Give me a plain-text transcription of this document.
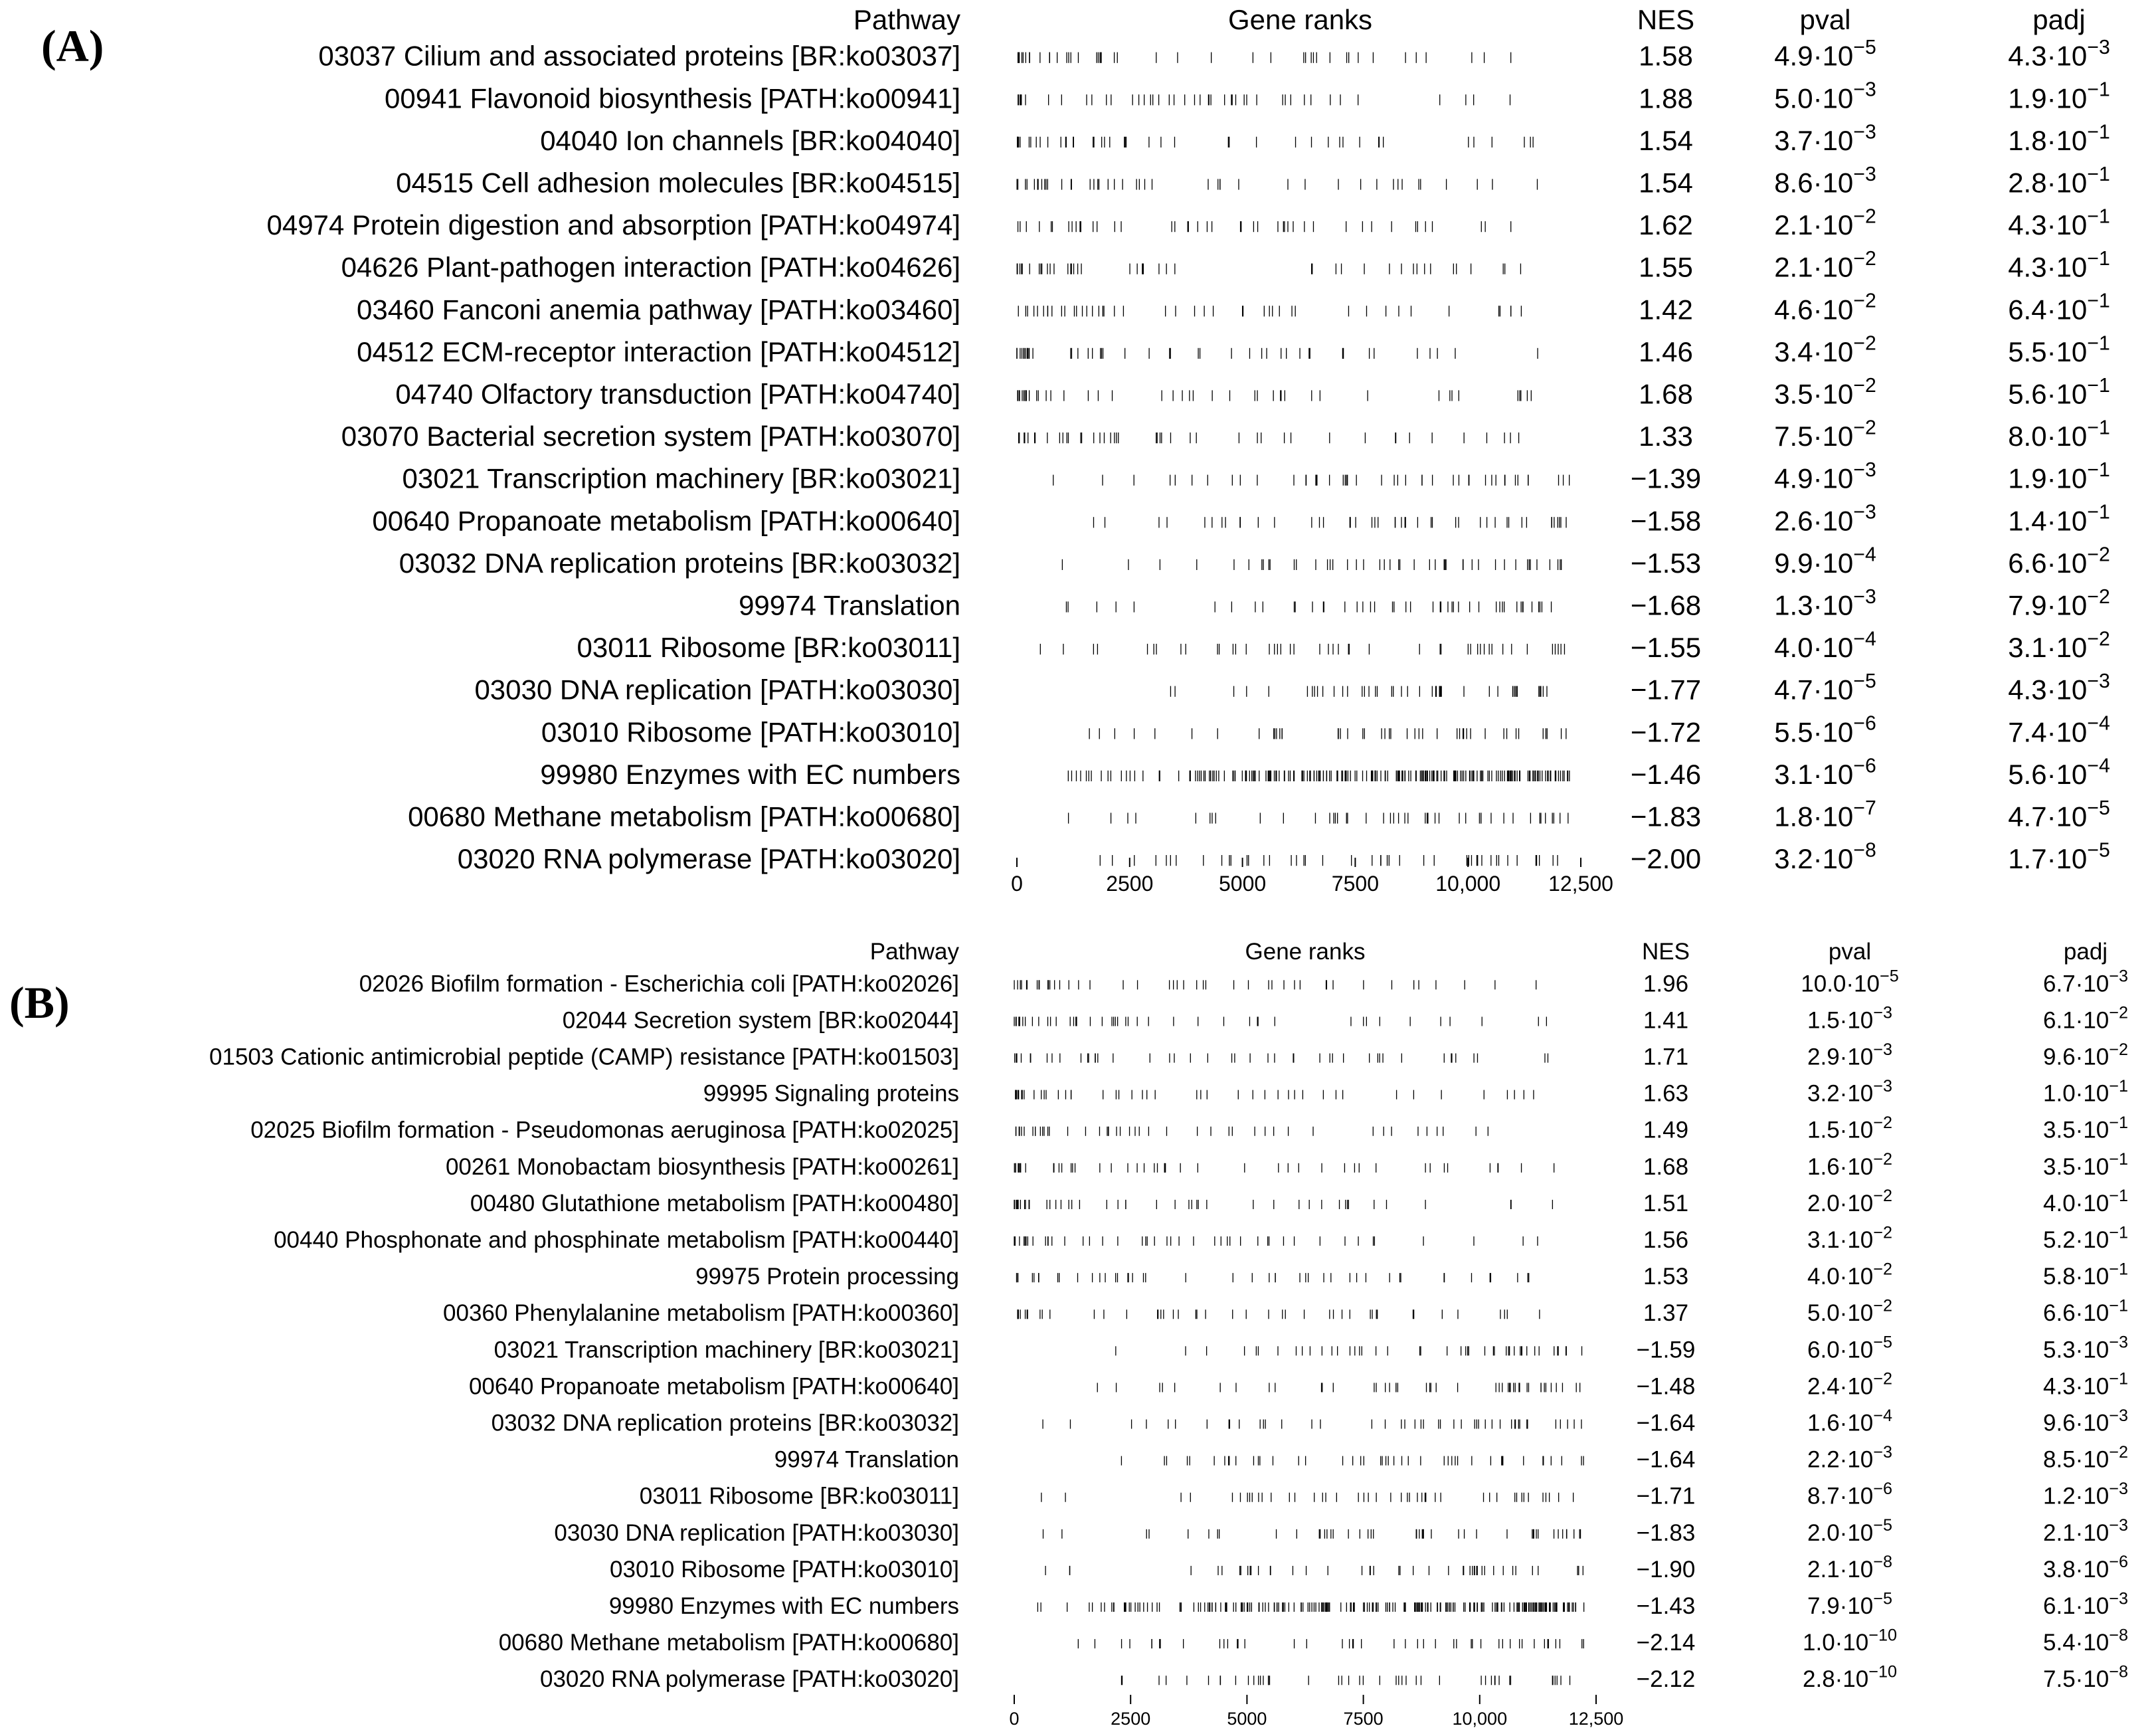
(A)
Pathway	Gene ranks	NES	pval	padj
03037 Cilium and associated proteins [BR:ko03037]	1.58	$4.9\cdot 10^{-5}$	$4.3\cdot 10^{-3}$
00941 Flavonoid biosynthesis [PATH:ko00941]	1.88	$5.0\cdot 10^{-3}$	$1.9\cdot 10^{-1}$
04040 Ion channels [BR:ko04040]	1.54	$3.7\cdot 10^{-3}$	$1.8\cdot 10^{-1}$
04515 Cell adhesion molecules [BR:ko04515]	1.54	$8.6\cdot 10^{-3}$	$2.8\cdot 10^{-1}$
04974 Protein digestion and absorption [PATH:ko04974]	1.62	$2.1\cdot 10^{-2}$	$4.3\cdot 10^{-1}$
04626 Plant-pathogen interaction [PATH:ko04626]	1.55	$2.1\cdot 10^{-2}$	$4.3\cdot 10^{-1}$
03460 Fanconi anemia pathway [PATH:ko03460]	1.42	$4.6\cdot 10^{-2}$	$6.4\cdot 10^{-1}$
04512 ECM-receptor interaction [PATH:ko04512]	1.46	$3.4\cdot 10^{-2}$	$5.5\cdot 10^{-1}$
04740 Olfactory transduction [PATH:ko04740]	1.68	$3.5\cdot 10^{-2}$	$5.6\cdot 10^{-1}$
03070 Bacterial secretion system [PATH:ko03070]	1.33	$7.5\cdot 10^{-2}$	$8.0\cdot 10^{-1}$
03021 Transcription machinery [BR:ko03021]	−1.39	$4.9\cdot 10^{-3}$	$1.9\cdot 10^{-1}$
00640 Propanoate metabolism [PATH:ko00640]	−1.58	$2.6\cdot 10^{-3}$	$1.4\cdot 10^{-1}$
03032 DNA replication proteins [BR:ko03032]	−1.53	$9.9\cdot 10^{-4}$	$6.6\cdot 10^{-2}$
99974 Translation	−1.68	$1.3\cdot 10^{-3}$	$7.9\cdot 10^{-2}$
03011 Ribosome [BR:ko03011]	−1.55	$4.0\cdot 10^{-4}$	$3.1\cdot 10^{-2}$
03030 DNA replication [PATH:ko03030]	−1.77	$4.7\cdot 10^{-5}$	$4.3\cdot 10^{-3}$
03010 Ribosome [PATH:ko03010]	−1.72	$5.5\cdot 10^{-6}$	$7.4\cdot 10^{-4}$
99980 Enzymes with EC numbers	−1.46	$3.1\cdot 10^{-6}$	$5.6\cdot 10^{-4}$
00680 Methane metabolism [PATH:ko00680]	−1.83	$1.8\cdot 10^{-7}$	$4.7\cdot 10^{-5}$
03020 RNA polymerase [PATH:ko03020]	−2.00	$3.2\cdot 10^{-8}$	$1.7\cdot 10^{-5}$
0	2500	5000	7500	10,000 12,500
(B)
Pathway	Gene ranks	NES	pval	padj
02026 Biofilm formation - Escherichia coli [PATH:ko02026]	1.96	$10.0\cdot 10^{-5}$	$6.7\cdot 10^{-3}$
02044 Secretion system [BR:ko02044]	1.41	$1.5\cdot 10^{-3}$	$6.1\cdot 10^{-2}$
01503 Cationic antimicrobial peptide (CAMP) resistance [PATH:ko01503]	1.71	$2.9\cdot 10^{-3}$	$9.6\cdot 10^{-2}$
99995 Signaling proteins	1.63	$3.2\cdot 10^{-3}$	$1.0\cdot 10^{-1}$
02025 Biofilm formation - Pseudomonas aeruginosa [PATH:ko02025]	1.49	$1.5\cdot 10^{-2}$	$3.5\cdot 10^{-1}$
00261 Monobactam biosynthesis [PATH:ko00261]	1.68	$1.6\cdot 10^{-2}$	$3.5\cdot 10^{-1}$
00480 Glutathione metabolism [PATH:ko00480]	1.51	$2.0\cdot 10^{-2}$	$4.0\cdot 10^{-1}$
00440 Phosphonate and phosphinate metabolism [PATH:ko00440]	1.56	$3.1\cdot 10^{-2}$	$5.2\cdot 10^{-1}$
99975 Protein processing	1.53	$4.0\cdot 10^{-2}$	$5.8\cdot 10^{-1}$
00360 Phenylalanine metabolism [PATH:ko00360]	1.37	$5.0\cdot 10^{-2}$	$6.6\cdot 10^{-1}$
03021 Transcription machinery [BR:ko03021]	−1.59	$6.0\cdot 10^{-5}$	$5.3\cdot 10^{-3}$
00640 Propanoate metabolism [PATH:ko00640]	−1.48	$2.4\cdot 10^{-2}$	$4.3\cdot 10^{-1}$
03032 DNA replication proteins [BR:ko03032]	−1.64	$1.6\cdot 10^{-4}$	$9.6\cdot 10^{-3}$
99974 Translation	−1.64	$2.2\cdot 10^{-3}$	$8.5\cdot 10^{-2}$
03011 Ribosome [BR:ko03011]	−1.71	$8.7\cdot 10^{-6}$	$1.2\cdot 10^{-3}$
03030 DNA replication [PATH:ko03030]	−1.83	$2.0\cdot 10^{-5}$	$2.1\cdot 10^{-3}$
03010 Ribosome [PATH:ko03010]	−1.90	$2.1\cdot 10^{-8}$	$3.8\cdot 10^{-6}$
99980 Enzymes with EC numbers	−1.43	$7.9\cdot 10^{-5}$	$6.1\cdot 10^{-3}$
00680 Methane metabolism [PATH:ko00680]	−2.14	$1.0\cdot 10^{-10}$	$5.4\cdot 10^{-8}$
03020 RNA polymerase [PATH:ko03020]	−2.12	$2.8\cdot 10^{-10}$	$7.5\cdot 10^{-8}$
0	2500	5000	7500	10,000	12,500
